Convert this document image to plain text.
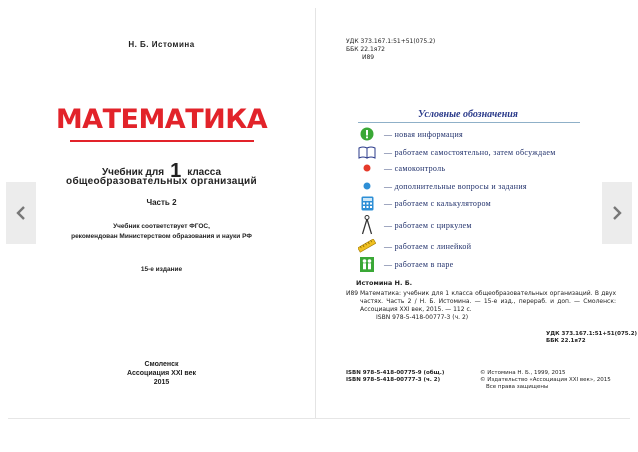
Н. Б. Истомина
МАТЕМАТИКА
Учебник для 1 класса
общеобразовательных организаций
Часть 2
Учебник соответствует ФГОС,
рекомендован Министерством образования и науки РФ
15-е издание
Смоленск
Ассоциация XXI век
2015
УДК 373.167.1:51+51(075.2)
ББК 22.1я72
И89
Условные обозначения
— новая информация
— работаем самостоятельно, затем обсуждаем
— самоконтроль
— дополнительные вопросы и задания
— работаем с калькулятором
— работаем с циркулем
— работаем с линейкой
— работаем в паре
Истомина Н. Б.
И89 Математика: учебник для 1 класса общеобразовательных организаций. В двух частях. Часть 2 / Н. Б. Истомина. — 15-е изд., перераб. и доп. — Смоленск: Ассоциация XXI век, 2015. — 112 с.
ISBN 978-5-418-00777-3 (ч. 2)
УДК 373.167.1:51+51(075.2)
ББК 22.1я72
ISBN 978-5-418-00775-9 (общ.)
ISBN 978-5-418-00777-3 (ч. 2)
© Истомина Н. Б., 1999, 2015
© Издательство «Ассоциация XXI век», 2015
Все права защищены
